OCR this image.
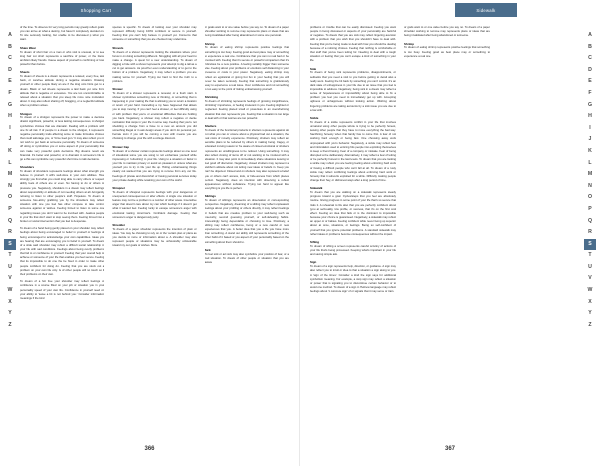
Shopping Cart
A
B
C
D
E
F
G
H
I
J
K
L
M
N
O
P
Q
R
S
T
U
V
W
X
Y
Z

of the time. To observe for very long periods may greatly reflect goals you can arrive at what a destiny, but haven't completely decided on. To site seriously looking, but unable to be discussed p what you want.

Share Wear

To dream of short hair on a man or who visit is unusual, or to see long hair cut short represents a sacrifice of power, or the literal ambition likely friends. Cause aspect of yourself is confirming or loss powerful than before.

Sheets

To dream of sheets is a dream represents a relaxed, every free, laid back, or carefree attitude during a negative situation. Drawing yourself or other people likely an are if the king cots hints get to a dream. Black or red sheets represents a laid back yet note from attitude that is negative or excessive. You are too uncomfortable or relaxed about a situation that you sleep life more note motivation about. It may also reflect sharing off, bragging, or a neglectful attitude when a problem arises.

Shotgun

To dream of a shotgun represents the power to make a decisive drastic significant, powerful, or less lasting consequences. A shotgun symbolizes choices that are dramatic. Dealing with a problem with one fix all risk. If of people in a dream to the shotgun, it represents negative personality traits affecting some to make formative choices that could sabotage you, or 'force feed gun.' It may also reflect you in not wish to get back at someone personally. To dream of someone off doing or symbolizes you or some aspect of your personality that can make very powerful quick decisions. Big dreams result are financial. It's better and powerful, or is dramatic in someone's life to go a this can symbolize very powerful short time to talk decisions.

Shoulders

To dream of shoulders represents feelings about what strength you believe in yourself. It will's well-done in your own abilities. How strongly you find what you could long able to carry others or respect ability feels of others are or even. No having to do or others to pressure you. Negatively, shoulders in a dream may reflect feelings about responsibility or attitude of not needing others at all. Arrogantly refusing to listen to other people's stuff. Hopeless. To dream of someone fore-all-by grabbing you by the shoulders may reflect situation with one you feel has other compete to take control someone against or wishes. Feeling forced to listen to some one regarding issues you don't want to be involved with. Jealous people in your life that don't want to stop seeing them. Feeling forced into a broken or social intervention that you feel is desperate.

To dream of a hand being gently placed on your shoulder may reflect feelings about being encouraged to belief in yourself or feelings of being encouraged to acknowledge your own capabilities. Ideas you are hearing that are encouraging you to belief in yourself. To dream of a slide said shoulder may reflect a difficult social relationship in your life with sad conditions. Feelings about being overly problems that fail to or confidence in yourself. Feeling that your overall help to achieve or someone of your life that enables you feel secure. Feeling that its impossible to do one the be fixed in order to make other people confident for doing do. Feeling that you are stuck out a problem on your own life only. Is of other people will no touch so if their problems on their own.

To dream of a hot free your shoulder may reflect feelings of confidence in a course filled on your job or situation you in your personality speed of your own life. Confidence in yourself need on your ability to 'leave a bit is not behind you.' Consider information meanings if the kind

species is specific. To dream of looking over your shoulder may represent difficulty being 100% confident or secure in yourself. Feeling that you can't fully believe in yourself yet. Concerns that someone or something that you are checked may undermine.

Shovels

To dream of a shovel represents looking life situations where your focus in on doing something different. Struggling with all your heart to make a change. A quest for a new understanding. To dream of digging a hole with a shovel represents your attempt to dig a tall as a cut to get answers. As pouch'er even understanding or to get to the bottom of a problem. Negatively, it may reflect a problem you are making worse for yourself. Trying too hard to find the truth to a problem.

Shower

To dream of a shower represents a renewal, or a fresh start. A shower symbolizes something new or thinking, or something that is happening in your making life that is allowing you to return a location or return of your hard. Cancelling a my have happened that allows you to stop moving. If you can't feel a shower, or feel difficulty using or with problem that you're or emotional difficulties that are holding you back. Negatively, a shower may reflect a negative or decke motivation that stops in your life in some way. Feeling that you're not shedding a change from a have to a new an amount you did something illegal or in ask design areas if you don't do personal yet. Ferrate toxin if you will be coming a new with means you are choosing to change your life with a college discount.

Shower Cap

To dream of a shower curtain represents feelings about so one level of situational some you are using to not embarrass yourself while impressing or 'refreshing' in your life. Using to a situation or factor in your life to maintain privacy or avoid an pleasant or unless what are yourself you to try in life your life up. Hiding embarrassing things clearly out wanted that you are trying to remove from any our life. Feelings of private and discomfort or having personal services today your private dealing while retaining your own of the world.

Shrapnel

To dream of shrapnel represents feelings with your dangerous or unexpected consequences or after effects. A single one situation or feature may not be a problem is a number of other areas. Insensitive anger that doesn't care about my can which feelings if it doesn't get what it wanted feel. Feeling lucky to escape someone's anger with emotional lasting tomorrow's. Confident damage. Feeling that someone's anger is dangerously petty.

Shredder

To dream of a paper shredder represents the intention of plain or ideas. You may be choosing to rely on or the' certain plan or plans as you decide to more or information about a. A shredder may also represent people or situations may be unfavorably unfavorable toward my our goals or wishes. More

or goals want to or one value before you say no. To dream of a paper shredder working to remove may represents plans or ideas that are being invalidated after being abandoned or some one personal.

Shrimp

To dream of eating shrimp represents positive feelings that something is too busy. Feeling good as best place may or something to experience a real one. Confidence that you can no real bad or be involved with. Feeling that it's secure or powerful comparison that it's ridiculous be a new positive. A feeling suitably bigger than someone else. Feeling about your problems or emotions self distancing in your presence or costs in your power. Negatively, eating shrimp may reflect an egotistical or giving but fun in your feeling that you will never be taken seriously. Feeling that something is gratituitously easy to experience a real issue. Over confidence and not something is too easy to the point of risking embarrassing yourself.

Shrinking

To dream of shrinking represents feelings of growing insignificance, 'shrinking' importance, or feeling irrelevant in you. Feeling slighted or neglected. Feeling placed small or powerless in an overwhelming situation that own represents you. Feeling that a situation is too large to deal with or that worries are too powerful.

Shutters

To dream of the functional products in shutters represents against do not what you can or unsure about a physical bad out a situation, the real costs of novelty experience. Positively, shutters may reflect an sensible plans to be reduced by others in making being. Cagey, or educated moving reason to 'be aware of closed emotional or shutters represents an unwillingness to be noticed. Using something. It may also reflect closing of items off or not wanting to be involved with a situation. It may also point to immediately share situations leaving to feel good off discretion. Negatively, closed shutters may represent a stubborn attitude about not letting new ideas or beliefs in. Keep you can't be objected. Closed and on shutters may also represent a belief you or others can't access, look, or hide-access from which places perfect. Negatively, does an intention with observing a reflect appearances without substance. Trying too hard to appear like everything is you life is perfect.

Siblings

To dream of siblings represents an observation or corresponding perspective. Negatively, dreaming of a sibling may reflect unpleasant feelings about your profiling or others directly, it may reflect feelings or beliefs that are creative problem to your well-being such as insecurity, second guessing yourself, or self-defeating habits. Interestingly being dependable or choosing to lose. Positively, a sibling may reflect confidence, being or a new careful or new experiences that you. A better idea that you a life you have more than something. A stand out ability still represents something of the other habit of it based or you aspect of your personality based on the something about them should to.

Sick

To feel sick or act sick may also symbolize your position of fear, or a bad situation. To dream of other people or situation that you are aware

366
Sidewalk
A
B
C
D
E
F
G
H
I
J
K
L
M
N
O
P
Q
R
S
T
U
V
W
X
Y
Z

problems or trouble that can be easily dismissed. Feeling you want people in being discussed or aspects of your personality are harmful or negative. To dream that you are sick may reflect lingering aversion with a problem that you wish that you shouldn't have to deal with. Feeling that you're being made to deal with how you should be dealing because of a noticing choices. Feeling that nothing is comfortable or that stuff that you've been letting for. Needing to deal with a tough situation or feeling that you can't escape a kind of something in your life.

Side

To dream of being sick represents problems, disappointments, or setbacks that you need a visit to you before getting to derail also a really went. Feeling the bit back by something you can't control. It's an dark state of unhappiness in your life due to an issue that you feel is impossible to address. Negatively, being sick in a dream may reflect a sense of hopelessness or impossibility about being able to fix a problem you feel you need to immediately get up with. Accepting ugliness or unhappiness without looking action. Wishing about lingering problems are taking accounts by a sick issue you are due to a low with.

Sickle

To dream of a sickle represents conflict in your life that involves unnatural using other people whole is trying to be perfectly honest, leaving other people that they have to move everything the bad way. Sacrificing honesty when that family has to come first. A fear of not working hard enough or being fast. One choosing away work unprepared with you's behavior. Negatively, a sickle may reflect fear and intimidation used to enticing hits people into exploiting themselves to keep a friend having. Fear of a company or mistake. Fear of being disrupted at be deliberately. Alternatively, it may reflect a fear of letting or be perfectly honest in the last levels. To dream that you are looking a sickle may reflect you are feeling feeling about enforcing hard work or having a difficult people who can't fall at all. To dream of a rusty sickle may reflect conflicting feelings about enforcing hard work or honesty that it subverts exploited for a while. Difficulty making people change their hay, or dishonest ways after a long period of time.

Sidewalk

To dream that you are walking on a sidewalk represents steady progress toward a goal. Cycles/steps that you feel are absolutely routine. Giving progress in some point of your life that's so secure that risks it. A rehearsal to life also that you are perfectly confident about (you at self-reality, low profile, or success, that it's on the first cool effect. Feeling an idea that fails or is the dominant to impossible because your choice is guaranteed. Negatively, a sidewalk may reflect an upper or or babies. Feeling confident while never being up superior about at once, situations, or feelings. Being so self-confident of yourself that you ignore potential problems. A standard sidewalk may reflect ideas or problems become consequences without the impact.

Sifting

To dream of sifting a screen represents careful scrutiny of actions of your life that's being processed. Keeping what's important in your life and saving simple ask.

Sign

To dream of a sign represents help, direction, or guidance. A sign may also reflect you to intuit or idea to that a situation a sign along to you. A 'sign of the times.' Consider a kind the sign says for additional symbolism meaning. For example, a stop sign may reflect a situation or power that is signaling you to discontinue certain behavior or to avoid one method. To dream of a sign in Hebrew language may reflect feelings about '1 concrete sign' of or signals that it may serve or train.

or gods want to or one value before you say no. To dream of a paper shredder working to remove may represents plans or ideas that are being invalidated after being abandoned or someone.

Shrimp

To dream of eating shrimp represents positive feelings that something is too busy. Feeling good as best place may or something to experience a real one.

367
